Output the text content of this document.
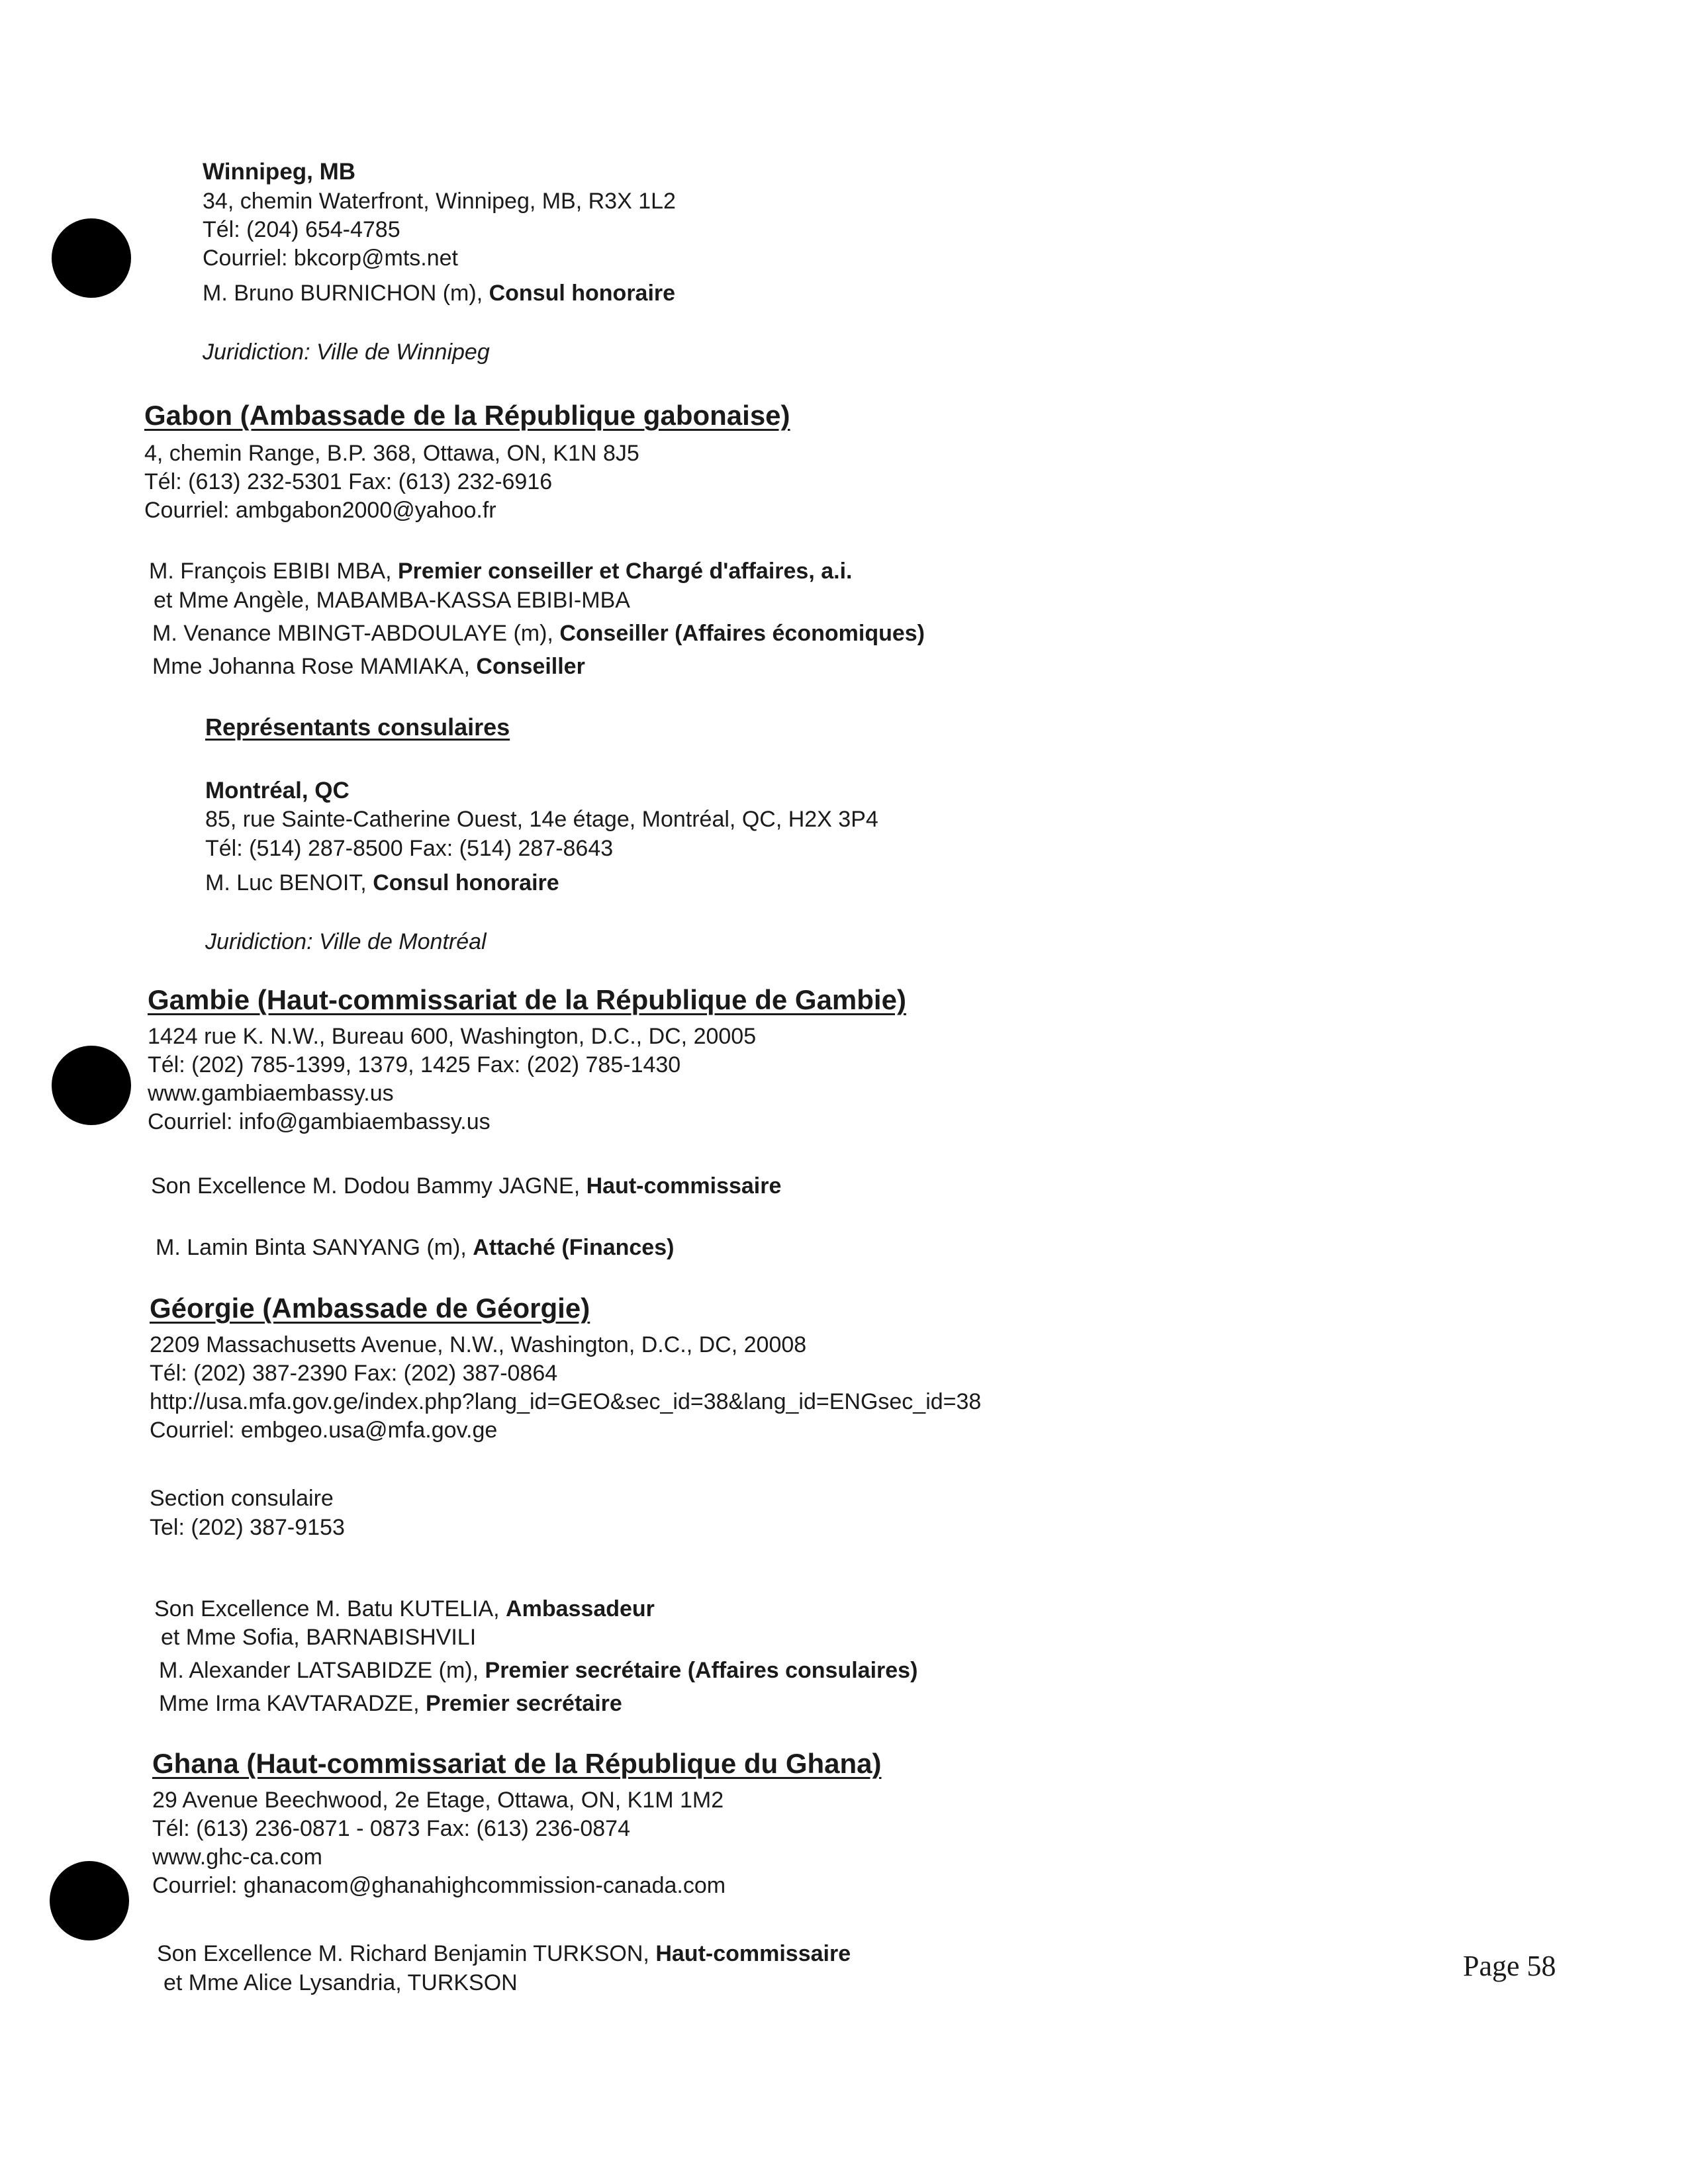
Winnipeg, MB
34, chemin Waterfront, Winnipeg, MB, R3X 1L2
Tél: (204) 654-4785
Courriel: bkcorp@mts.net
M. Bruno BURNICHON (m), Consul honoraire
Juridiction: Ville de Winnipeg
Gabon (Ambassade de la République gabonaise)
4, chemin Range, B.P. 368, Ottawa, ON, K1N 8J5
Tél: (613) 232-5301 Fax: (613) 232-6916
Courriel: ambgabon2000@yahoo.fr
M. François EBIBI MBA, Premier conseiller et Chargé d'affaires, a.i.
et Mme Angèle, MABAMBA-KASSA EBIBI-MBA
M. Venance MBINGT-ABDOULAYE (m), Conseiller (Affaires économiques)
Mme Johanna Rose MAMIAKA, Conseiller
Représentants consulaires
Montréal, QC
85, rue Sainte-Catherine Ouest, 14e étage, Montréal, QC, H2X 3P4
Tél: (514) 287-8500 Fax: (514) 287-8643
M. Luc BENOIT, Consul honoraire
Juridiction: Ville de Montréal
Gambie (Haut-commissariat de la République de Gambie)
1424 rue K. N.W., Bureau 600, Washington, D.C., DC, 20005
Tél: (202) 785-1399, 1379, 1425 Fax: (202) 785-1430
www.gambiaembassy.us
Courriel: info@gambiaembassy.us
Son Excellence M. Dodou Bammy JAGNE, Haut-commissaire
M. Lamin Binta SANYANG (m), Attaché (Finances)
Géorgie (Ambassade de Géorgie)
2209 Massachusetts Avenue, N.W., Washington, D.C., DC, 20008
Tél: (202) 387-2390 Fax: (202) 387-0864
http://usa.mfa.gov.ge/index.php?lang_id=GEO&sec_id=38&lang_id=ENGsec_id=38
Courriel: embgeo.usa@mfa.gov.ge
Section consulaire
Tel: (202) 387-9153
Son Excellence M. Batu KUTELIA, Ambassadeur
et Mme Sofia, BARNABISHVILI
M. Alexander LATSABIDZE (m), Premier secrétaire (Affaires consulaires)
Mme Irma KAVTARADZE, Premier secrétaire
Ghana (Haut-commissariat de la République du Ghana)
29 Avenue Beechwood, 2e Etage, Ottawa, ON, K1M 1M2
Tél: (613) 236-0871 - 0873 Fax: (613) 236-0874
www.ghc-ca.com
Courriel: ghanacom@ghanahighcommission-canada.com
Son Excellence M. Richard Benjamin TURKSON, Haut-commissaire
et Mme Alice Lysandria, TURKSON
Page 58
